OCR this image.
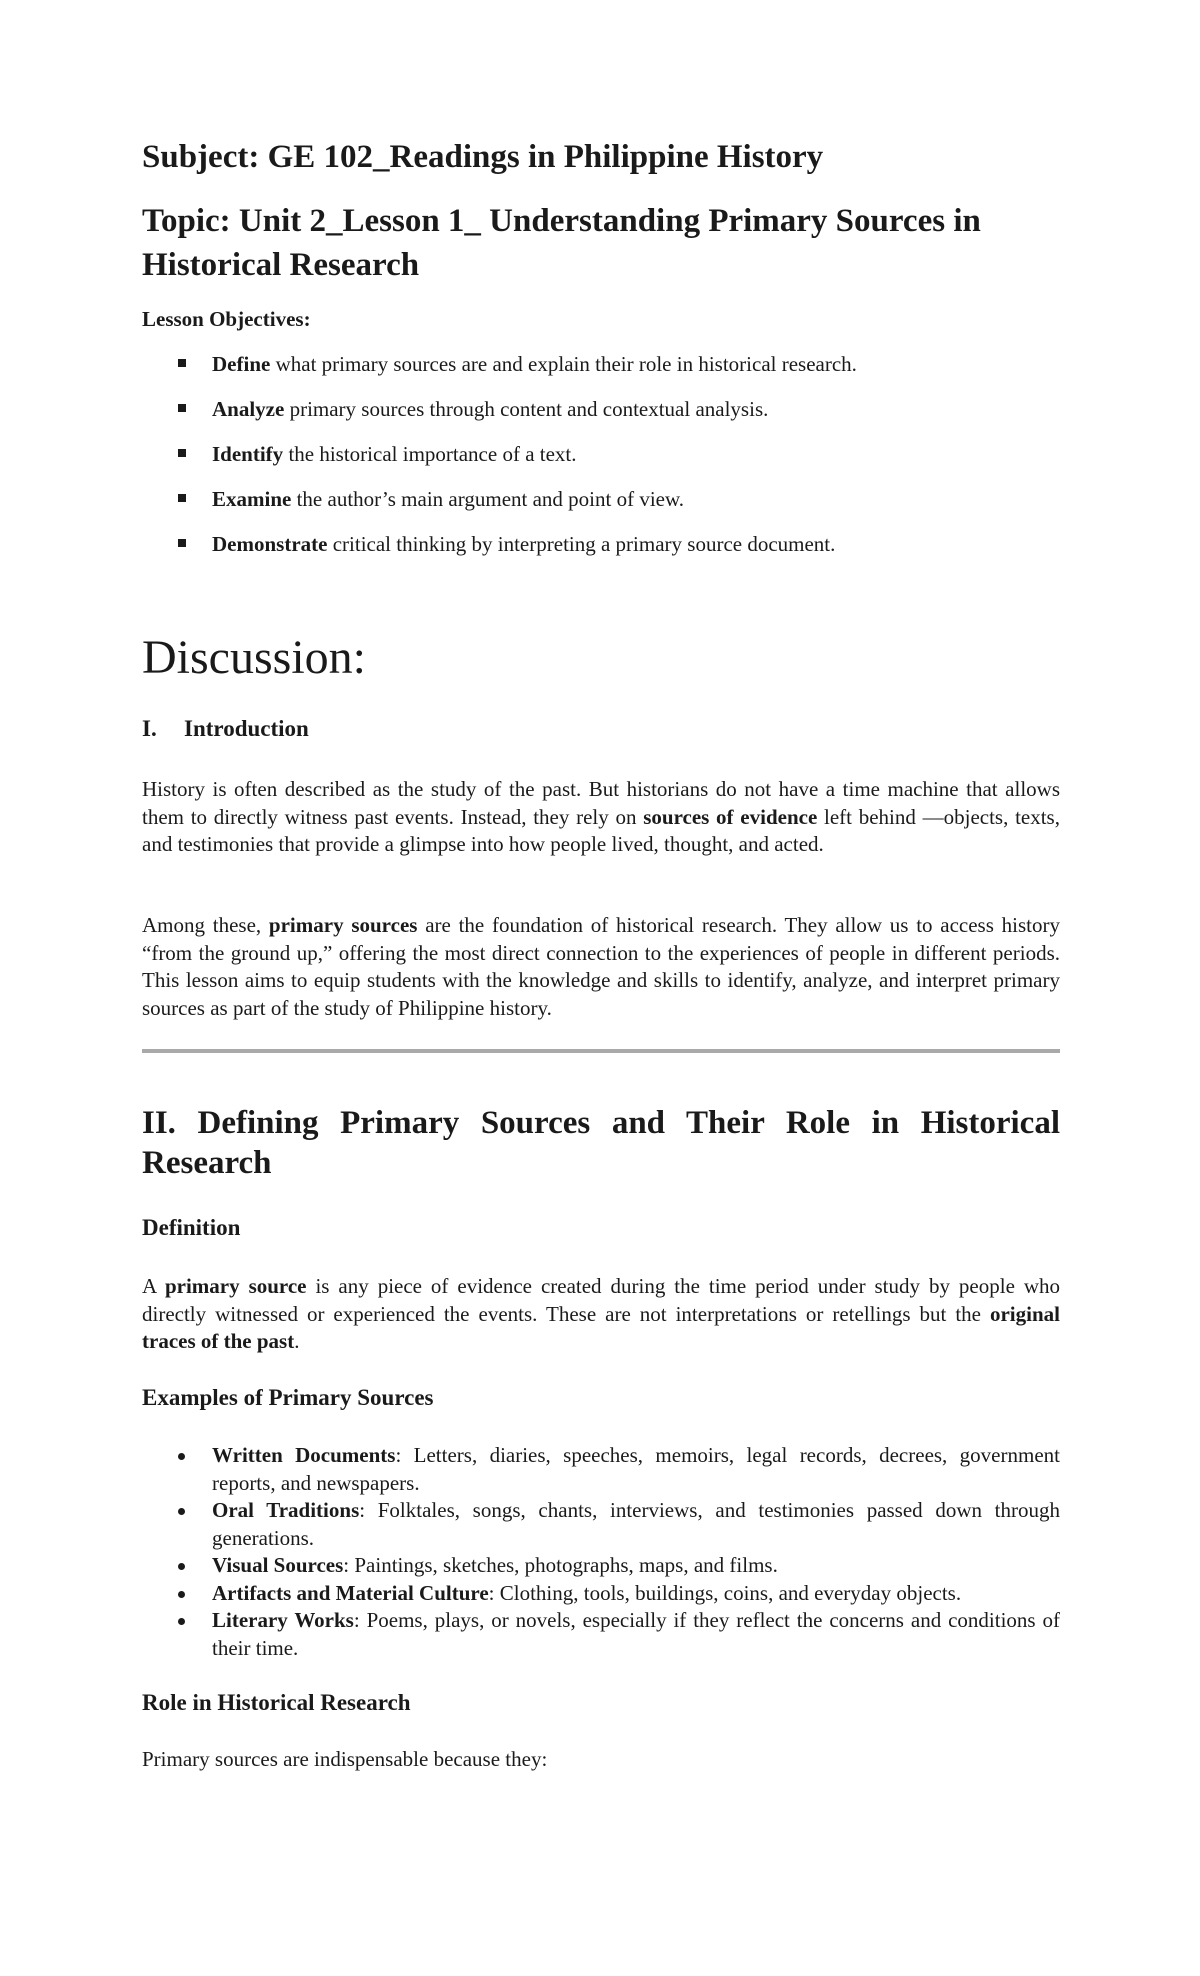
Subject: GE 102_Readings in Philippine History
Topic: Unit 2_Lesson 1_ Understanding Primary Sources in Historical Research

Lesson Objectives:

Define what primary sources are and explain their role in historical research.
Analyze primary sources through content and contextual analysis.
Identify the historical importance of a text.
Examine the author’s main argument and point of view.
Demonstrate critical thinking by interpreting a primary source document.
Discussion:
I. Introduction

History is often described as the study of the past. But historians do not have a time machine that allows them to directly witness past events. Instead, they rely on sources of evidence left behind —objects, texts, and testimonies that provide a glimpse into how people lived, thought, and acted.

Among these, primary sources are the foundation of historical research. They allow us to access history “from the ground up,” offering the most direct connection to the experiences of people in different periods. This lesson aims to equip students with the knowledge and skills to identify, analyze, and interpret primary sources as part of the study of Philippine history.

II. Defining Primary Sources and Their Role in Historical Research
Definition

A primary source is any piece of evidence created during the time period under study by people who directly witnessed or experienced the events. These are not interpretations or retellings but the original traces of the past.

Examples of Primary Sources
Written Documents: Letters, diaries, speeches, memoirs, legal records, decrees, government reports, and newspapers.
Oral Traditions: Folktales, songs, chants, interviews, and testimonies passed down through generations.
Visual Sources: Paintings, sketches, photographs, maps, and films.
Artifacts and Material Culture: Clothing, tools, buildings, coins, and everyday objects.
Literary Works: Poems, plays, or novels, especially if they reflect the concerns and conditions of their time.
Role in Historical Research

Primary sources are indispensable because they:
